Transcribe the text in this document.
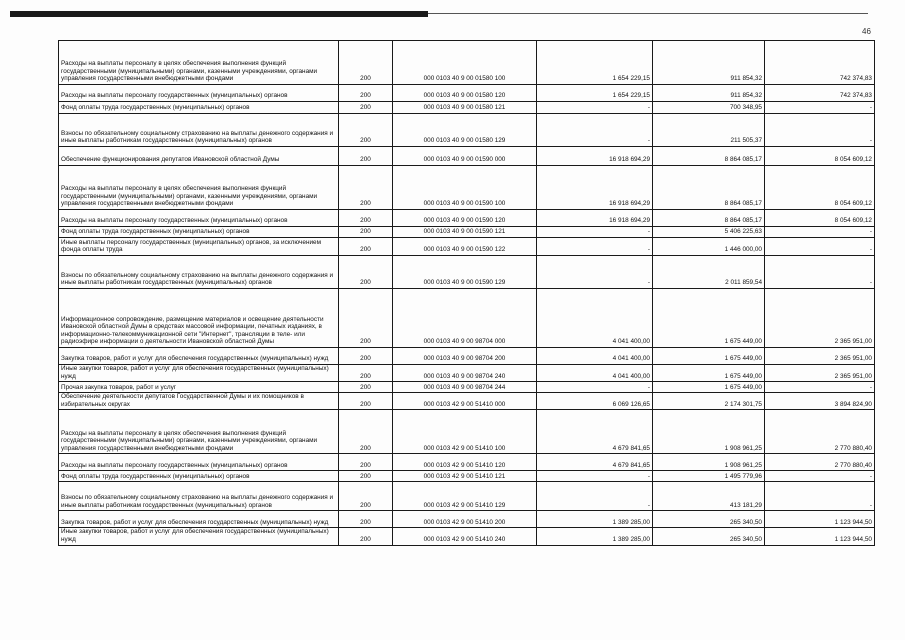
46
Расходы на выплаты персоналу в целях обеспечения выполнения функций государственными (муниципальными) органами, казенными учреждениями, органами управления государственными внебюджетными фондами	200	000 0103 40 9 00 01580 100	1 654 229,15	911 854,32	742 374,83
Расходы на выплаты персоналу государственных (муниципальных) органов	200	000 0103 40 9 00 01580 120	1 654 229,15	911 854,32	742 374,83
Фонд оплаты труда государственных (муниципальных) органов	200	000 0103 40 9 00 01580 121	-	700 348,95	-
Взносы по обязательному социальному страхованию на выплаты денежного содержания и иные выплаты работникам государственных (муниципальных) органов	200	000 0103 40 9 00 01580 129	-	211 505,37	-
Обеспечение функционирования депутатов Ивановской областной Думы	200	000 0103 40 9 00 01590 000	16 918 694,29	8 864 085,17	8 054 609,12
Расходы на выплаты персоналу в целях обеспечения выполнения функций государственными (муниципальными) органами, казенными учреждениями, органами управления государственными внебюджетными фондами	200	000 0103 40 9 00 01590 100	16 918 694,29	8 864 085,17	8 054 609,12
Расходы на выплаты персоналу государственных (муниципальных) органов	200	000 0103 40 9 00 01590 120	16 918 694,29	8 864 085,17	8 054 609,12
Фонд оплаты труда государственных (муниципальных) органов	200	000 0103 40 9 00 01590 121	-	5 406 225,63	-
Иные выплаты персоналу государственных (муниципальных) органов, за исключением фонда оплаты труда	200	000 0103 40 9 00 01590 122	-	1 446 000,00	-
Взносы по обязательному социальному страхованию на выплаты денежного содержания и иные выплаты работникам государственных (муниципальных) органов	200	000 0103 40 9 00 01590 129	-	2 011 859,54	-
Информационное сопровождение, размещение материалов и освещение деятельности Ивановской областной Думы в средствах массовой информации, печатных изданиях, в информационно-телекоммуникационной сети "Интернет", трансляции в теле- или радиоэфире информации о деятельности Ивановской областной Думы	200	000 0103 40 9 00 98704 000	4 041 400,00	1 675 449,00	2 365 951,00
Закупка товаров, работ и услуг для обеспечения государственных (муниципальных) нужд	200	000 0103 40 9 00 98704 200	4 041 400,00	1 675 449,00	2 365 951,00
Иные закупки товаров, работ и услуг для обеспечения государственных (муниципальных) нужд	200	000 0103 40 9 00 98704 240	4 041 400,00	1 675 449,00	2 365 951,00
Прочая закупка товаров, работ и услуг	200	000 0103 40 9 00 98704 244	-	1 675 449,00	-
Обеспечение деятельности депутатов Государственной Думы и их помощников в избирательных округах	200	000 0103 42 9 00 51410 000	6 069 126,65	2 174 301,75	3 894 824,90
Расходы на выплаты персоналу в целях обеспечения выполнения функций государственными (муниципальными) органами, казенными учреждениями, органами управления государственными внебюджетными фондами	200	000 0103 42 9 00 51410 100	4 679 841,65	1 908 961,25	2 770 880,40
Расходы на выплаты персоналу государственных (муниципальных) органов	200	000 0103 42 9 00 51410 120	4 679 841,65	1 908 961,25	2 770 880,40
Фонд оплаты труда государственных (муниципальных) органов	200	000 0103 42 9 00 51410 121	-	1 495 779,96	-
Взносы по обязательному социальному страхованию на выплаты денежного содержания и иные выплаты работникам государственных (муниципальных) органов	200	000 0103 42 9 00 51410 129	-	413 181,29	-
Закупка товаров, работ и услуг для обеспечения государственных (муниципальных) нужд	200	000 0103 42 9 00 51410 200	1 389 285,00	265 340,50	1 123 944,50
Иные закупки товаров, работ и услуг для обеспечения государственных (муниципальных) нужд	200	000 0103 42 9 00 51410 240	1 389 285,00	265 340,50	1 123 944,50
